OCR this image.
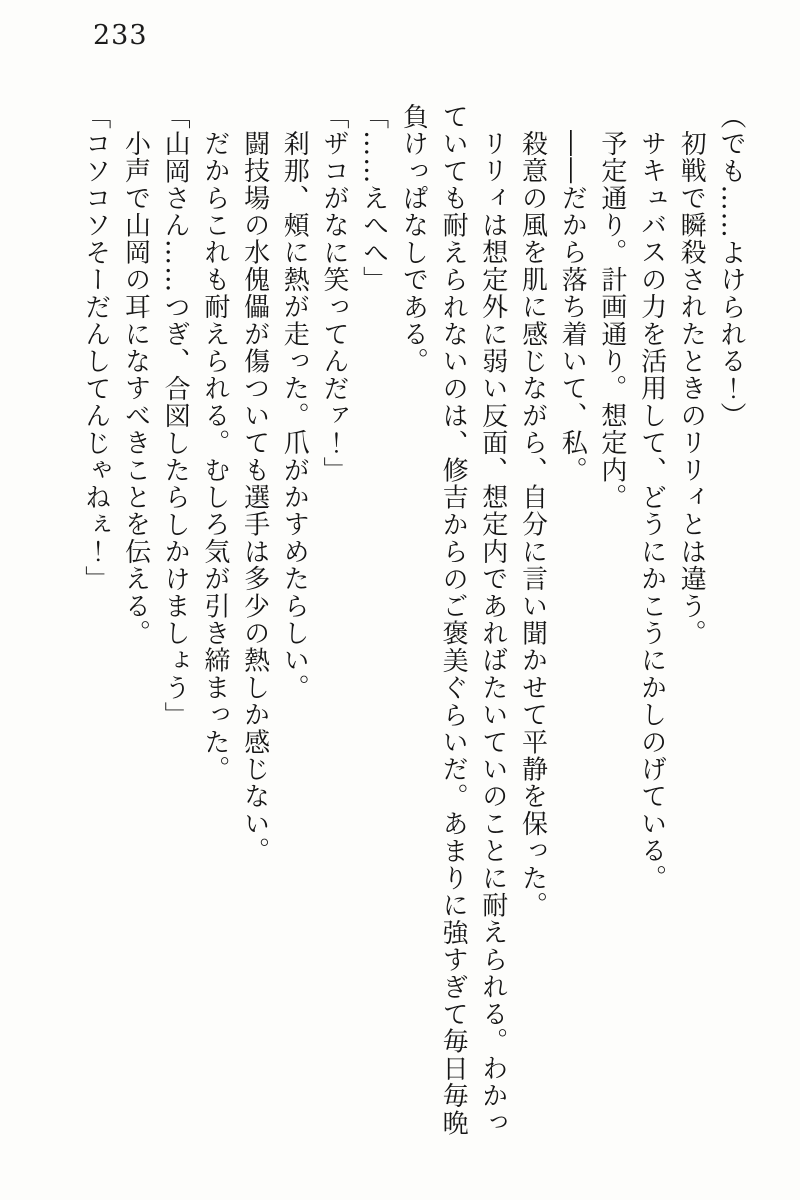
233

（でも……よけられる！）

初戦で瞬殺されたときのリリィとは違う。

サキュバスの力を活用して、どうにかこうにかしのげている。

予定通り。計画通り。想定内。

――だから落ち着いて、私。

殺意の風を肌に感じながら、自分に言い聞かせて平静を保った。

リリィは想定外に弱い反面、想定内であればたいていのことに耐えられる。わかっていても耐えられないのは、修吉からのご褒美ぐらいだ。あまりに強すぎて毎日毎晩負けっぱなしである。

「……えへへ」

「ザコがなに笑ってんだァ！」

刹那、頰に熱が走った。爪がかすめたらしい。

闘技場の水傀儡が傷ついても選手は多少の熱しか感じない。

だからこれも耐えられる。むしろ気が引き締まった。

「山岡さん……つぎ、合図したらしかけましょう」

小声で山岡の耳になすべきことを伝える。

「コソコソそーだんしてんじゃねぇ！」
